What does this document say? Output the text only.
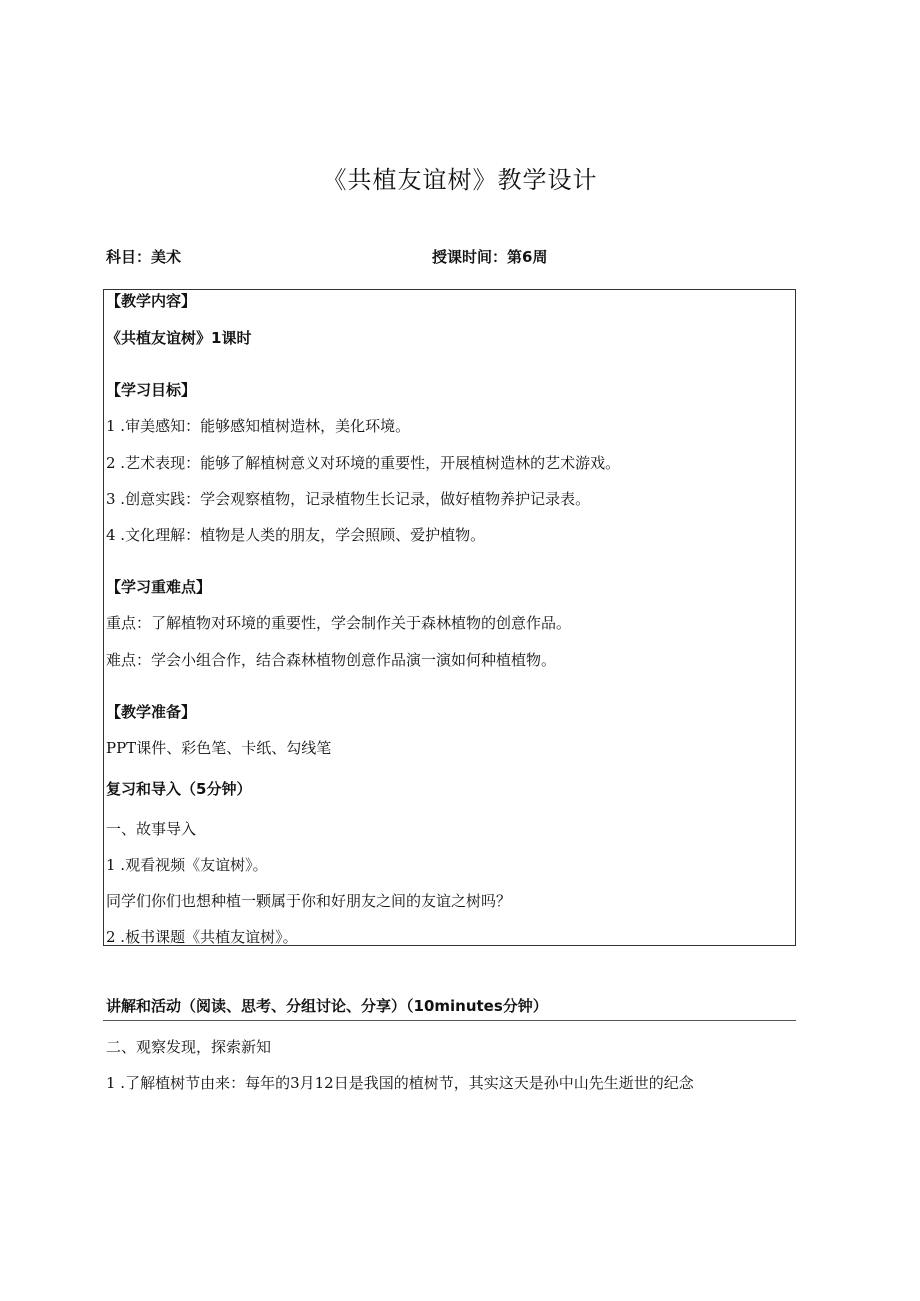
《共植友谊树》教学设计
科目：美术	授课时间：第6周
【教学内容】
《共植友谊树》1课时
【学习目标】
1 .审美感知：能够感知植树造林，美化环境。
2 .艺术表现：能够了解植树意义对环境的重要性，开展植树造林的艺术游戏。
3 .创意实践：学会观察植物，记录植物生长记录，做好植物养护记录表。
4 .文化理解：植物是人类的朋友，学会照顾、爱护植物。
【学习重难点】
重点：了解植物对环境的重要性，学会制作关于森林植物的创意作品。
难点：学会小组合作，结合森林植物创意作品演一演如何种植植物。
【教学准备】
PPT课件、彩色笔、卡纸、勾线笔
复习和导入（5分钟）
一、故事导入
1 .观看视频《友谊树》。
同学们你们也想种植一颗属于你和好朋友之间的友谊之树吗？
2 .板书课题《共植友谊树》。
讲解和活动（阅读、思考、分组讨论、分享）（10minutes分钟）
二、观察发现，探索新知
1 .了解植树节由来：每年的3月12日是我国的植树节，其实这天是孙中山先生逝世的纪念
